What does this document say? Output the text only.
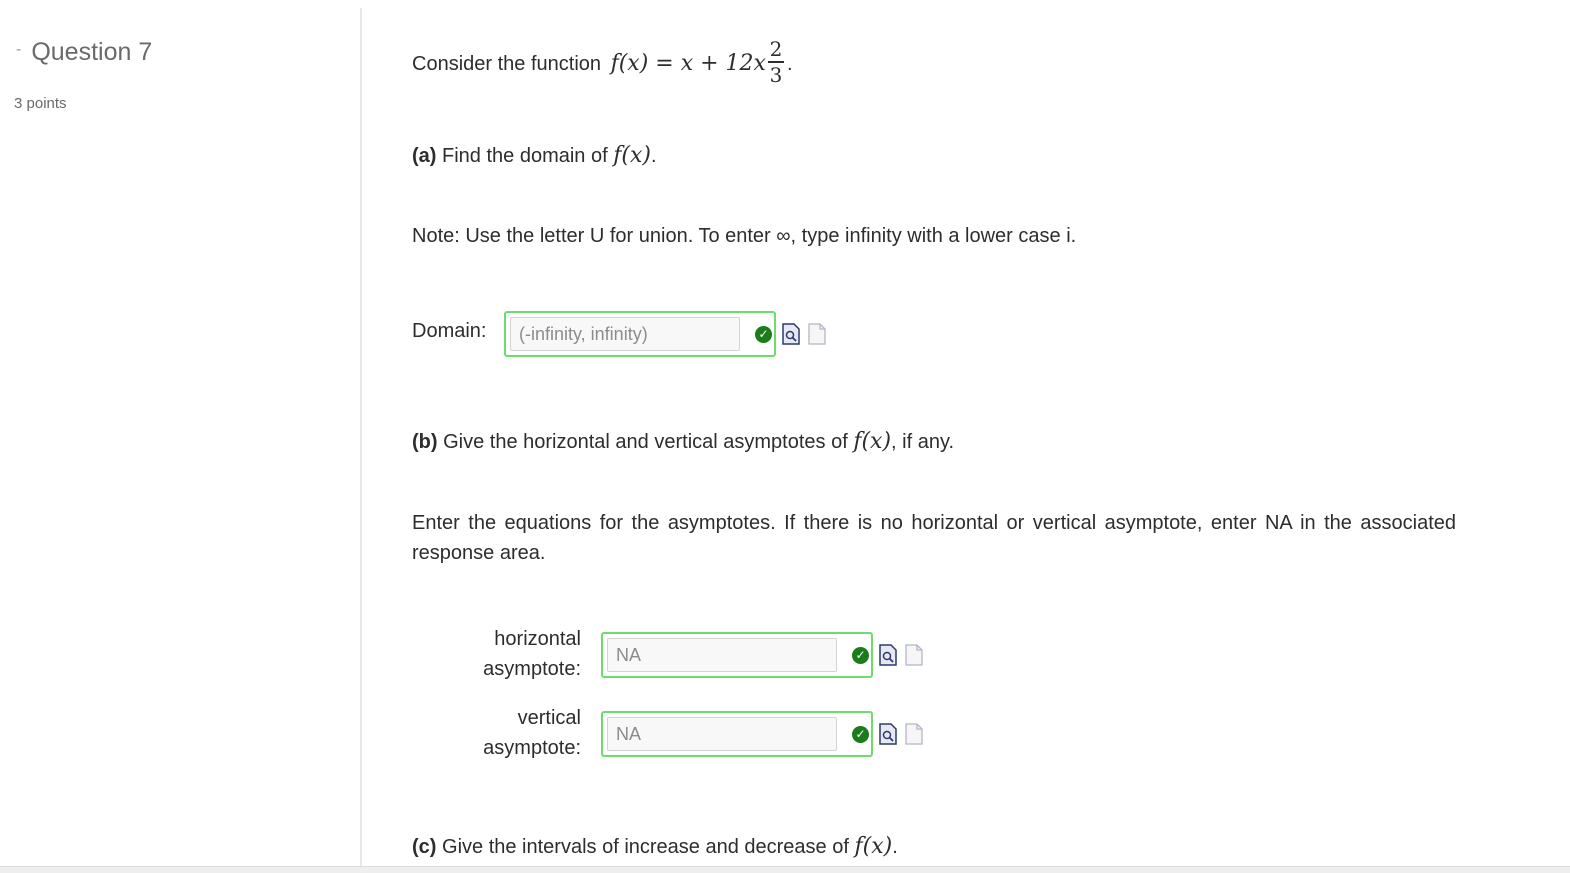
- Question 7
3 points
Consider the function $f(x) = x + 12x \frac{2}{3}$ .
(a) Find the domain of f(x).
Note: Use the letter U for union. To enter ∞, type infinity with a lower case i.
Domain:
(-infinity, infinity)	✓
(b) Give the horizontal and vertical asymptotes of f(x), if any.
Enter the equations for the asymptotes. If there is no horizontal or vertical asymptote, enter NA in the associated response area.
horizontal
asymptote:
NA
✓
vertical
asymptote:
NA
✓
(c) Give the intervals of increase and decrease of f(x).
